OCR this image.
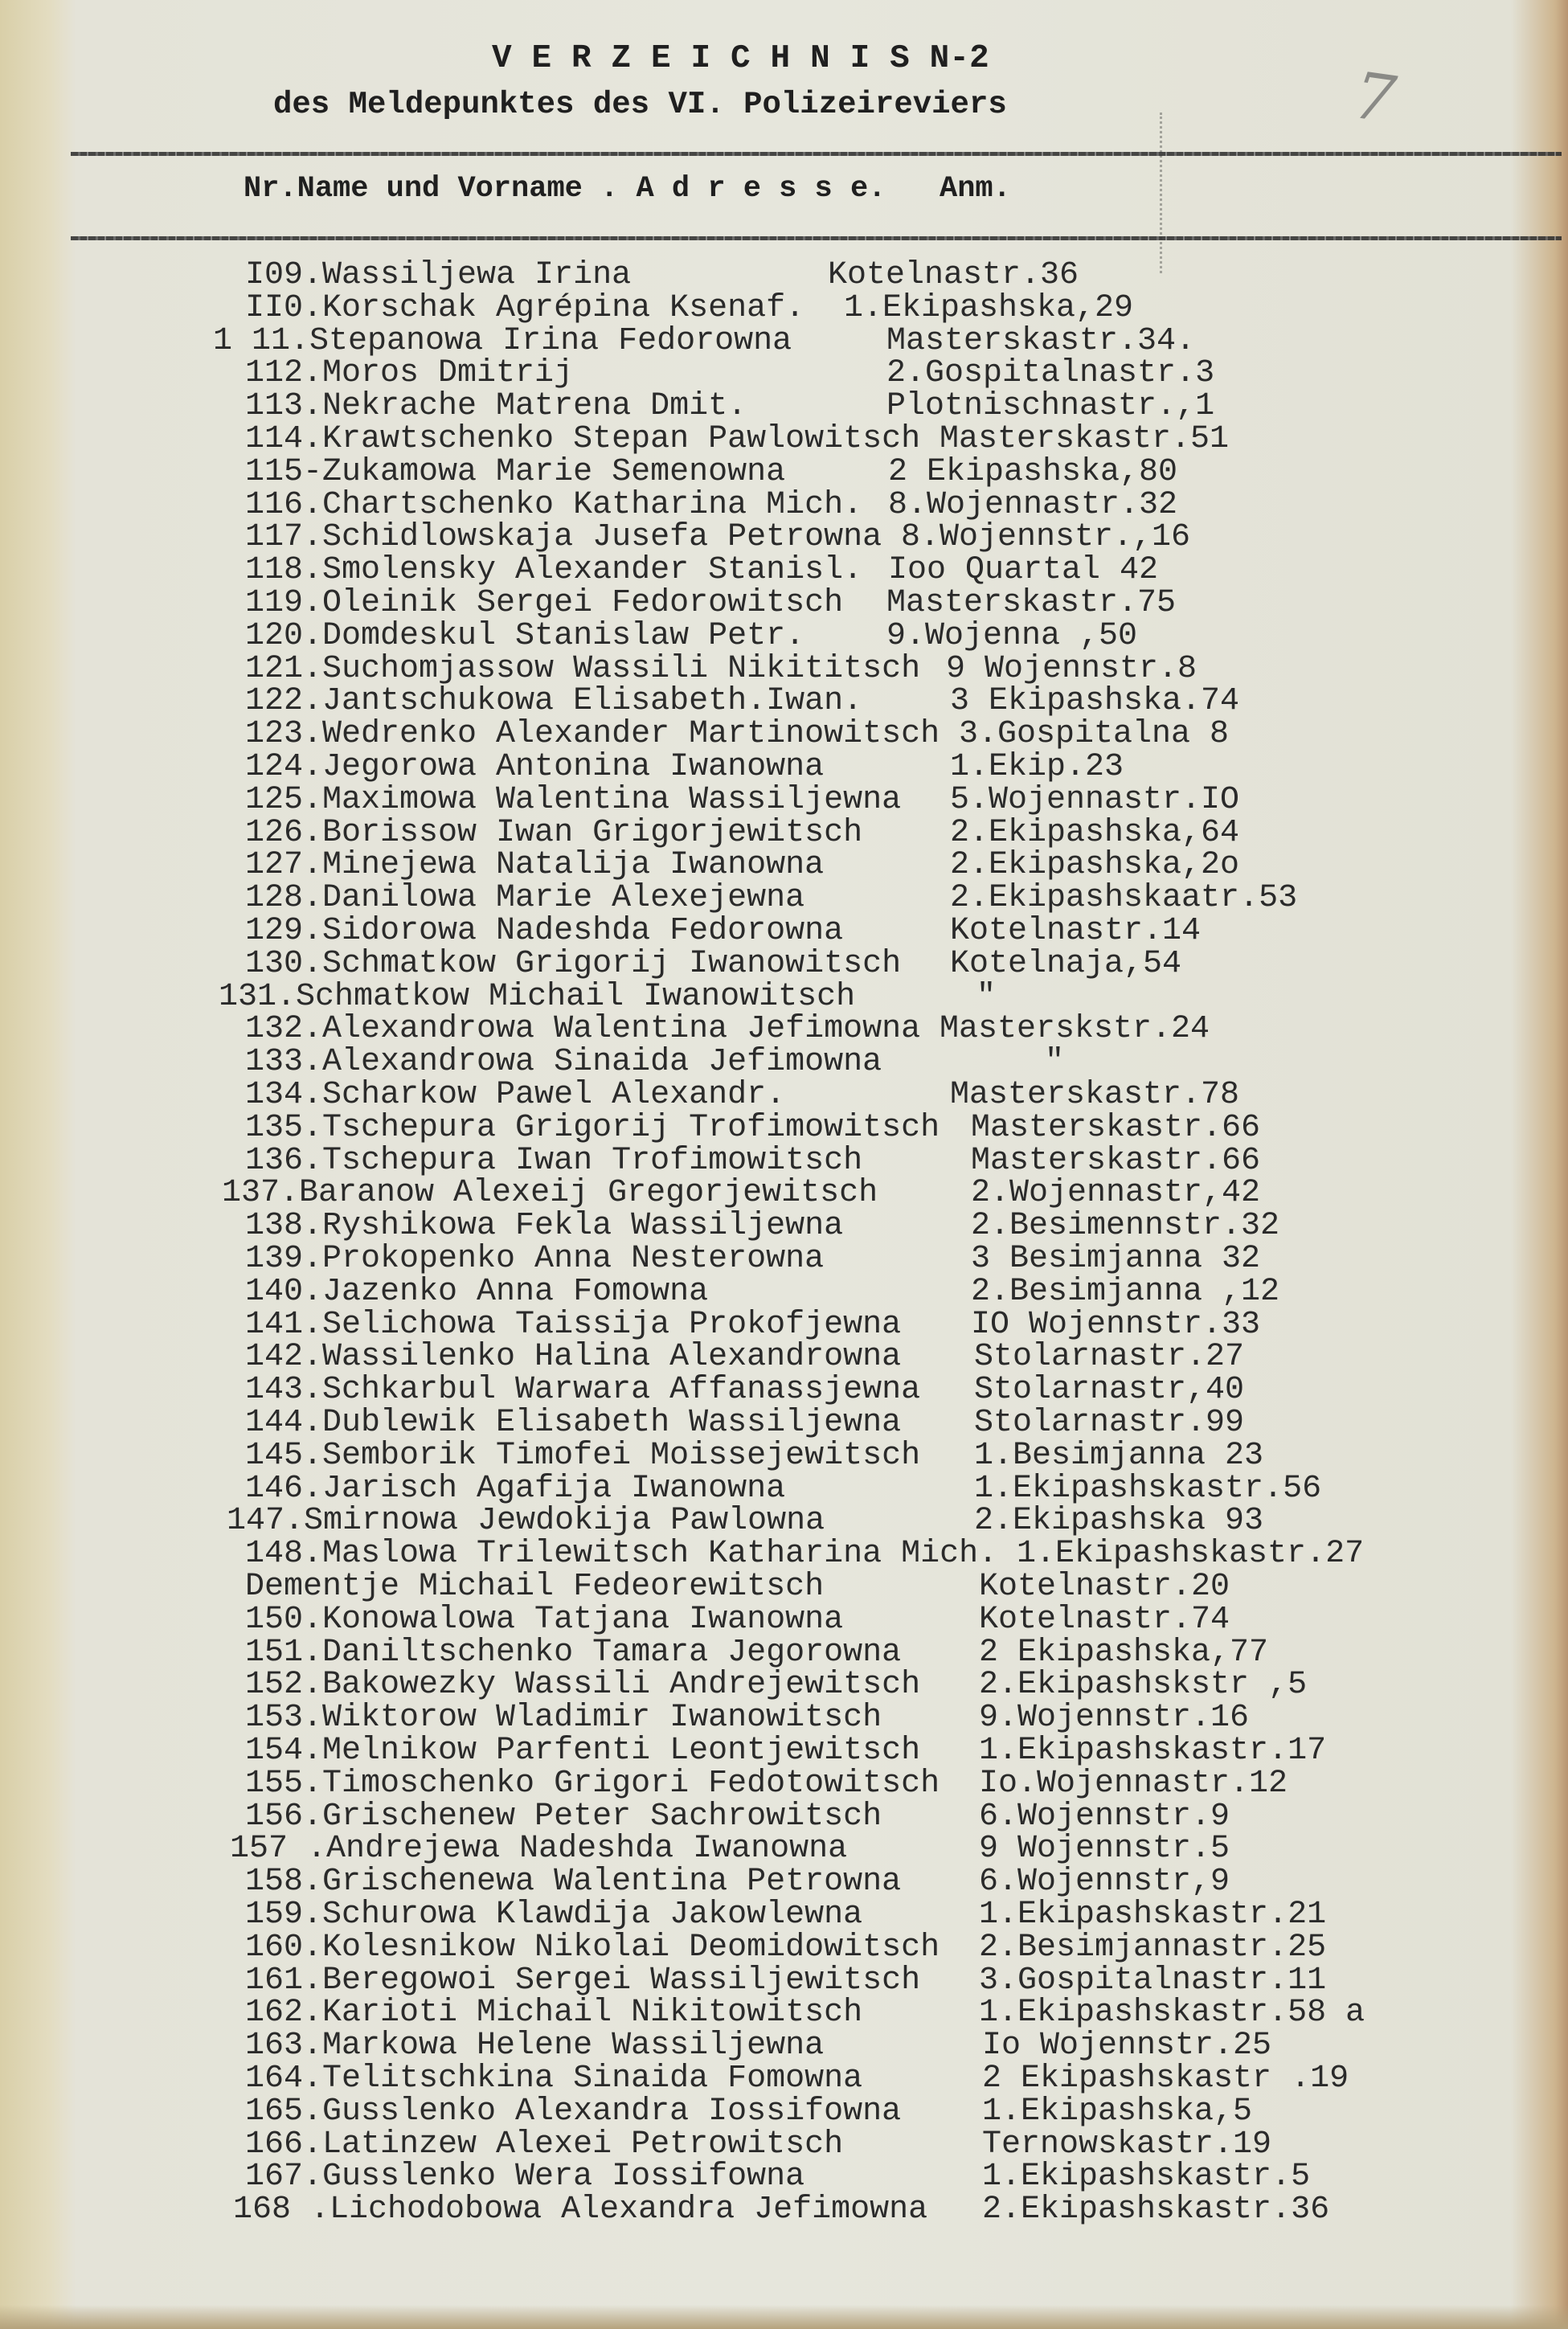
V E R Z E I C H N I S N-2
des Meldepunktes des VI. Polizeireviers	7
Nr.Name und Vorname . A d r e s s e. Anm.
I09.Wassiljewa Irina	Kotelnastr.36
II0.Korschak Agrépina Ksenaf. 1.Ekipashska,29
1 11.Stepanowa Irina Fedorowna	Masterskastr.34.
112.Moros Dmitrij	2.Gospitalnastr.3
113.Nekrache Matrena Dmit.	Plotnischnastr.,1
114.Krawtschenko Stepan Pawlowitsch Masterskastr.51
115-Zukamowa Marie Semenowna	2 Ekipashska,80
116.Chartschenko Katharina Mich. 8.Wojennastr.32
117.Schidlowskaja Jusefa Petrowna 8.Wojennstr.,16
118.Smolensky Alexander Stanisl. Ioo Quartal 42
119.Oleinik Sergei Fedorowitsch Masterskastr.75
120.Domdeskul Stanislaw Petr.	9.Wojenna ,50
121.Suchomjassow Wassili Nikititsch 9 Wojennstr.8
122.Jantschukowa Elisabeth.Iwan.	3 Ekipashska.74
123.Wedrenko Alexander Martinowitsch 3.Gospitalna 8
124.Jegorowa Antonina Iwanowna	1.Ekip.23
125.Maximowa Walentina Wassiljewna 5.Wojennastr.IO
126.Borissow Iwan Grigorjewitsch	2.Ekipashska,64
127.Minejewa Natalija Iwanowna	2.Ekipashska,2o
128.Danilowa Marie Alexejewna	2.Ekipashskaatr.53
129.Sidorowa Nadeshda Fedorowna	Kotelnastr.14
130.Schmatkow Grigorij Iwanowitsch Kotelnaja,54
131.Schmatkow Michail Iwanowitsch	"
132.Alexandrowa Walentina Jefimowna Masterskstr.24
133.Alexandrowa Sinaida Jefimowna	"
134.Scharkow Pawel Alexandr.	Masterskastr.78
135.Tschepura Grigorij Trofimowitsch Masterskastr.66
136.Tschepura Iwan Trofimowitsch	Masterskastr.66
137.Baranow Alexeij Gregorjewitsch	2.Wojennastr,42
138.Ryshikowa Fekla Wassiljewna	2.Besimennstr.32
139.Prokopenko Anna Nesterowna	3 Besimjanna 32
140.Jazenko Anna Fomowna	2.Besimjanna ,12
141.Selichowa Taissija Prokofjewna IO Wojennstr.33
142.Wassilenko Halina Alexandrowna Stolarnastr.27
143.Schkarbul Warwara Affanassjewna Stolarnastr,40
144.Dublewik Elisabeth Wassiljewna Stolarnastr.99
145.Semborik Timofei Moissejewitsch 1.Besimjanna 23
146.Jarisch Agafija Iwanowna	1.Ekipashskastr.56
147.Smirnowa Jewdokija Pawlowna	2.Ekipashska 93
148.Maslowa Trilewitsch Katharina Mich. 1.Ekipashskastr.27
Dementje Michail Fedeorewitsch	Kotelnastr.20
150.Konowalowa Tatjana Iwanowna	Kotelnastr.74
151.Daniltschenko Tamara Jegorowna 2 Ekipashska,77
152.Bakowezky Wassili Andrejewitsch 2.Ekipashskstr ,5
153.Wiktorow Wladimir Iwanowitsch	9.Wojennstr.16
154.Melnikow Parfenti Leontjewitsch 1.Ekipashskastr.17
155.Timoschenko Grigori Fedotowitsch Io.Wojennastr.12
156.Grischenew Peter Sachrowitsch	6.Wojennstr.9
157 .Andrejewa Nadeshda Iwanowna	9 Wojennstr.5
158.Grischenewa Walentina Petrowna 6.Wojennstr,9
159.Schurowa Klawdija Jakowlewna	1.Ekipashskastr.21
160.Kolesnikow Nikolai Deomidowitsch 2.Besimjannastr.25
161.Beregowoi Sergei Wassiljewitsch 3.Gospitalnastr.11
162.Karioti Michail Nikitowitsch	1.Ekipashskastr.58 a
163.Markowa Helene Wassiljewna	Io Wojennstr.25
164.Telitschkina Sinaida Fomowna	2 Ekipashskastr .19
165.Gusslenko Alexandra Iossifowna	1.Ekipashska,5
166.Latinzew Alexei Petrowitsch	Ternowskastr.19
167.Gusslenko Wera Iossifowna	1.Ekipashskastr.5
168 .Lichodobowa Alexandra Jefimowna 2.Ekipashskastr.36
